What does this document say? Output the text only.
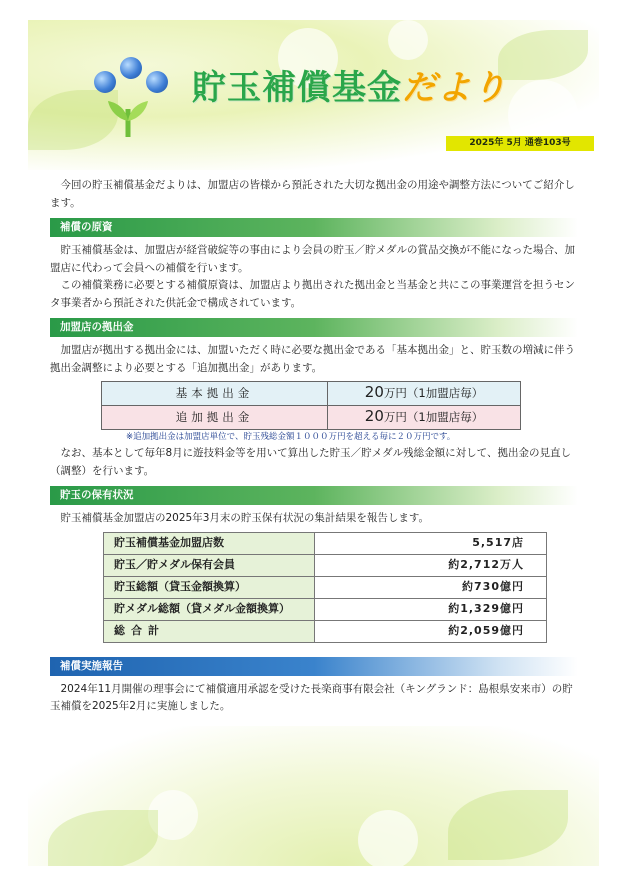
貯玉補償基金だより
2025年 5月 通巻103号

今回の貯玉補償基金だよりは、加盟店の皆様から預託された大切な拠出金の用途や調整方法についてご紹介します。

補償の原資

貯玉補償基金は、加盟店が経営破綻等の事由により会員の貯玉／貯メダルの賞品交換が不能になった場合、加盟店に代わって会員への補償を行います。

この補償業務に必要とする補償原資は、加盟店より拠出された拠出金と当基金と共にこの事業運営を担うセンタ事業者から預託された供託金で構成されています。

加盟店の拠出金

加盟店が拠出する拠出金には、加盟いただく時に必要な拠出金である「基本拠出金」と、貯玉数の増減に伴う拠出金調整により必要とする「追加拠出金」があります。

基本拠出金	20万円（1加盟店毎）
追加拠出金	20万円（1加盟店毎）
※追加拠出金は加盟店単位で、貯玉残総金額１０００万円を超える毎に２０万円です。

なお、基本として毎年8月に遊技料金等を用いて算出した貯玉／貯メダル残総金額に対して、拠出金の見直し（調整）を行います。

貯玉の保有状況

貯玉補償基金加盟店の2025年3月末の貯玉保有状況の集計結果を報告します。

貯玉補償基金加盟店数	5,517店
貯玉／貯メダル保有会員	約2,712万人
貯玉総額（貸玉金額換算）	約730億円
貯メダル総額（貸メダル金額換算）	約1,329億円
総合計	約2,059億円
補償実施報告

2024年11月開催の理事会にて補償適用承認を受けた長楽商事有限会社（キングランド：島根県安来市）の貯玉補償を2025年2月に実施しました。
